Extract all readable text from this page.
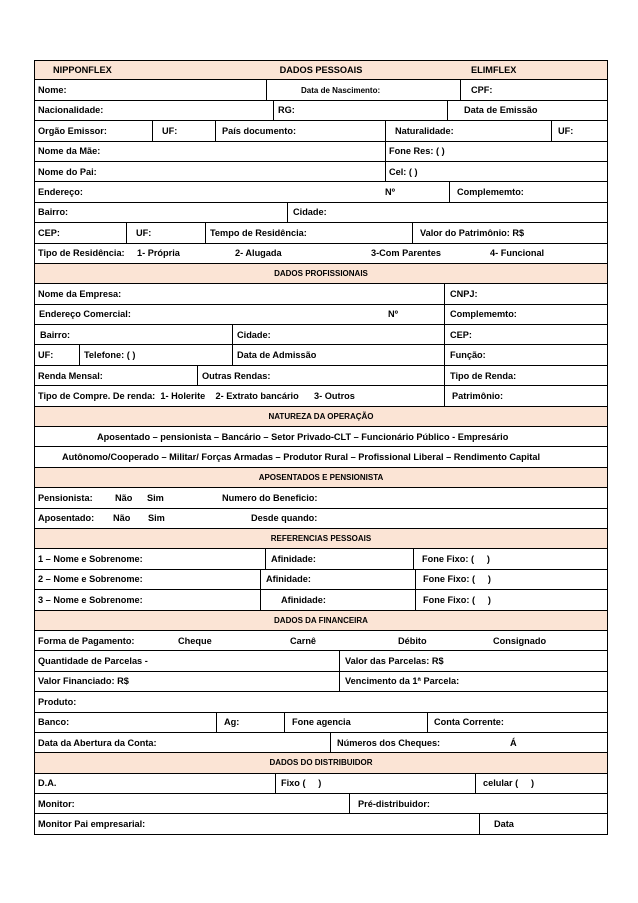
NIPPONFLEX	DADOS PESSOAIS	ELIMFLEX
Nome:	Data de Nascimento:	CPF:
Nacionalidade:	RG:	Data de Emissão
Orgão Emissor:	UF:	País documento:	Naturalidade:	UF:
Nome da Mãe:	Fone Res: ( )
Nome do Pai:	Cel: ( )
Endereço:	Nº	Complememto:
Bairro:	Cidade:
CEP:	UF:	Tempo de Residência:	Valor do Patrimônio: R$
Tipo de Residência: 1- Própria	2- Alugada	3-Com Parentes	4- Funcional
DADOS PROFISSIONAIS
Nome da Empresa:	CNPJ:
Endereço Comercial:	Nº	Complememto:
Bairro:	Cidade:	CEP:
UF:	Telefone: ( )	Data de Admissão	Função:
Renda Mensal:	Outras Rendas:	Tipo de Renda:
Tipo de Compre. De renda:  1- Holerite    2- Extrato bancário      3- Outros	Patrimônio:
NATUREZA DA OPERAÇÃO
Aposentado – pensionista – Bancário – Setor Privado-CLT – Funcionário Público - Empresário
Autônomo/Cooperado – Militar/ Forças Armadas – Produtor Rural – Profissional Liberal – Rendimento Capital
APOSENTADOS E PENSIONISTA
Pensionista: Não Sim	Numero do Beneficio:
Aposentado: Não Sim	Desde quando:
REFERENCIAS PESSOAIS
1 – Nome e Sobrenome:	Afinidade:	Fone Fixo: (     )
2 – Nome e Sobrenome:	Afinidade:	Fone Fixo: (     )
3 – Nome e Sobrenome:	Afinidade:	Fone Fixo: (     )
DADOS DA FINANCEIRA
Forma de Pagamento:	Cheque	Carnê	Débito	Consignado
Quantidade de Parcelas -	Valor das Parcelas: R$
Valor Financiado: R$	Vencimento da 1ª Parcela:
Produto:
Banco:	Ag:	Fone agencia	Conta Corrente:
Data da Abertura da Conta:	Números dos Cheques:	Á
DADOS DO DISTRIBUIDOR
D.A.	Fixo (     )	celular (     )
Monitor:	Pré-distribuidor:
Monitor Pai empresarial:	Data
